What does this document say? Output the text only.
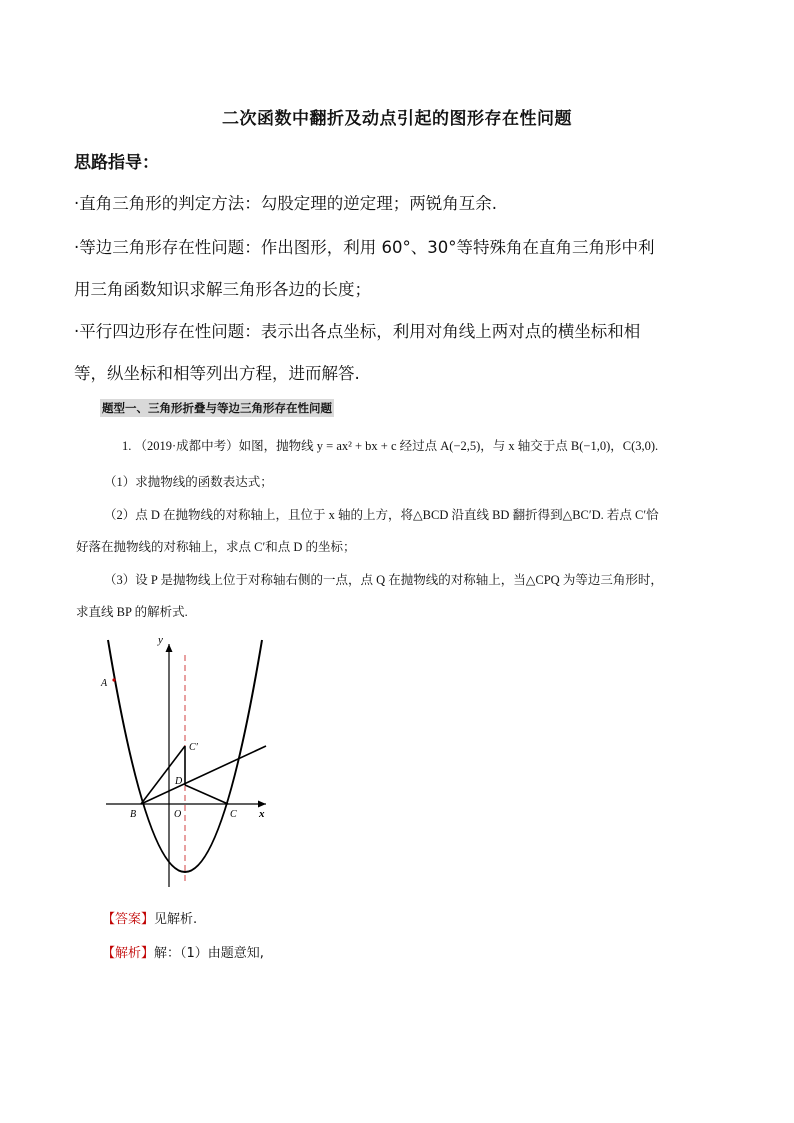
二次函数中翻折及动点引起的图形存在性问题
思路指导：
·直角三角形的判定方法：勾股定理的逆定理；两锐角互余.
·等边三角形存在性问题：作出图形，利用 60°、30°等特殊角在直角三角形中利
用三角函数知识求解三角形各边的长度；
·平行四边形存在性问题：表示出各点坐标，利用对角线上两对点的横坐标和相
等，纵坐标和相等列出方程，进而解答.
题型一、三角形折叠与等边三角形存在性问题
1. （2019·成都中考）如图，抛物线 y = ax² + bx + c 经过点 A(−2,5)，与 x 轴交于点 B(−1,0)，C(3,0).
（1）求抛物线的函数表达式；
（2）点 D 在抛物线的对称轴上，且位于 x 轴的上方，将△BCD 沿直线 BD 翻折得到△BC′D. 若点 C′恰
好落在抛物线的对称轴上，求点 C′和点 D 的坐标；
（3）设 P 是抛物线上位于对称轴右侧的一点，点 Q 在抛物线的对称轴上，当△CPQ 为等边三角形时，
求直线 BP 的解析式.
y
x
A
B	O	C
D
C′
【答案】见解析.
【解析】解：（1）由题意知,
